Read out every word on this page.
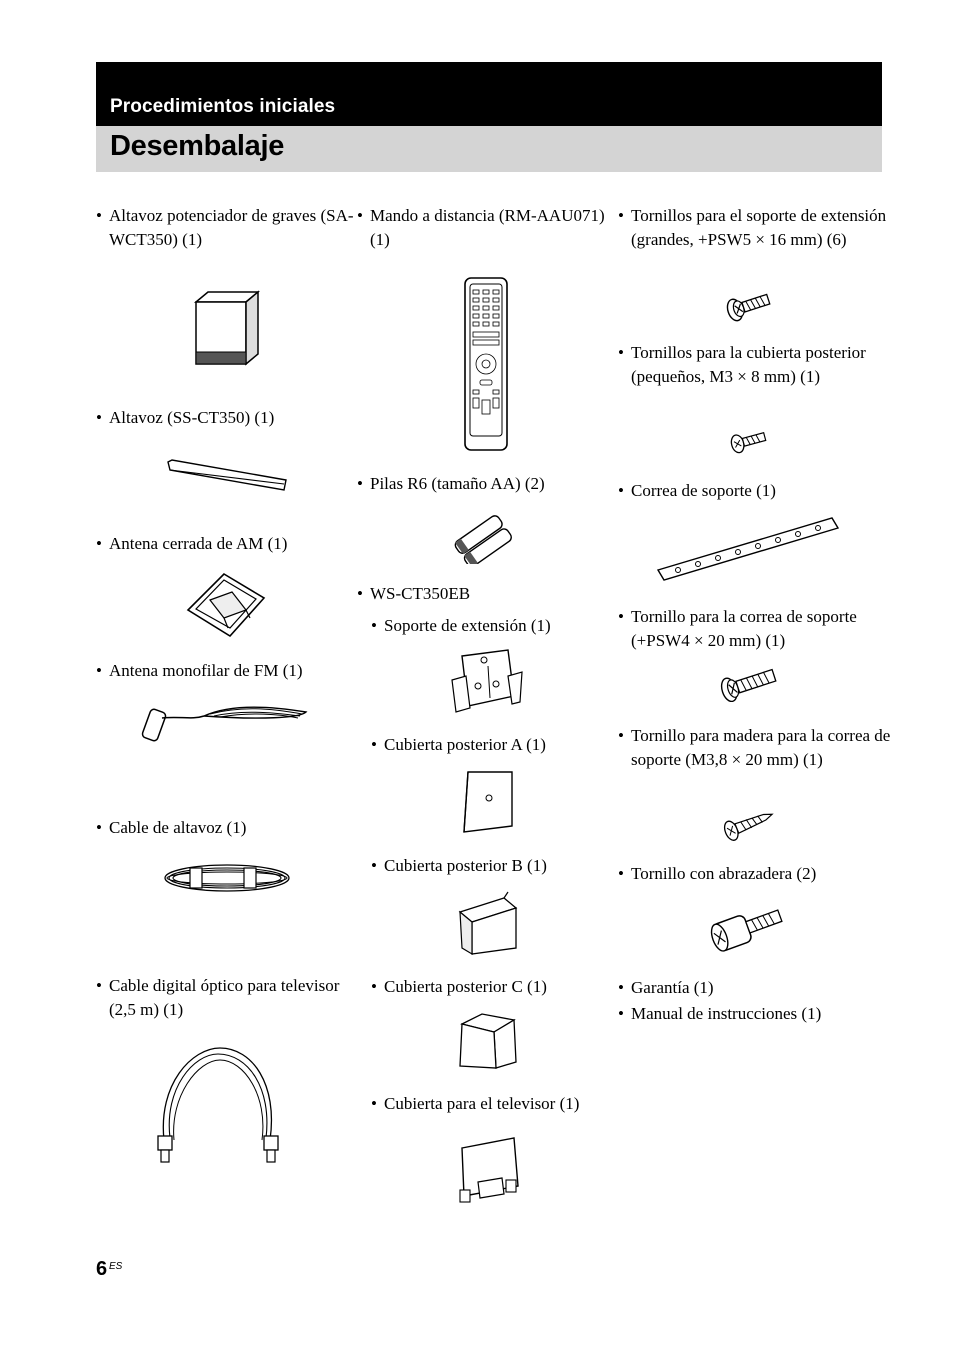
Procedimientos iniciales
Desembalaje
• Altavoz potenciador de graves (SA-WCT350) (1)
• Altavoz (SS-CT350) (1)
• Antena cerrada de AM (1)
• Antena monofilar de FM (1)
• Cable de altavoz (1)
• Cable digital óptico para televisor (2,5 m) (1)
• Mando a distancia (RM-AAU071) (1)
• Pilas R6 (tamaño AA) (2)
• WS-CT350EB
• Soporte de extensión (1)
• Cubierta posterior A (1)
• Cubierta posterior B (1)
• Cubierta posterior C (1)
• Cubierta para el televisor (1)
• Tornillos para el soporte de extensión (grandes, +PSW5 × 16 mm) (6)
• Tornillos para la cubierta posterior (pequeños, M3 × 8 mm) (1)
• Correa de soporte (1)
• Tornillo para la correa de soporte (+PSW4 × 20 mm) (1)
• Tornillo para madera para la correa de soporte (M3,8 × 20 mm) (1)
• Tornillo con abrazadera (2)
• Garantía (1)
• Manual de instrucciones (1)
6 ES
